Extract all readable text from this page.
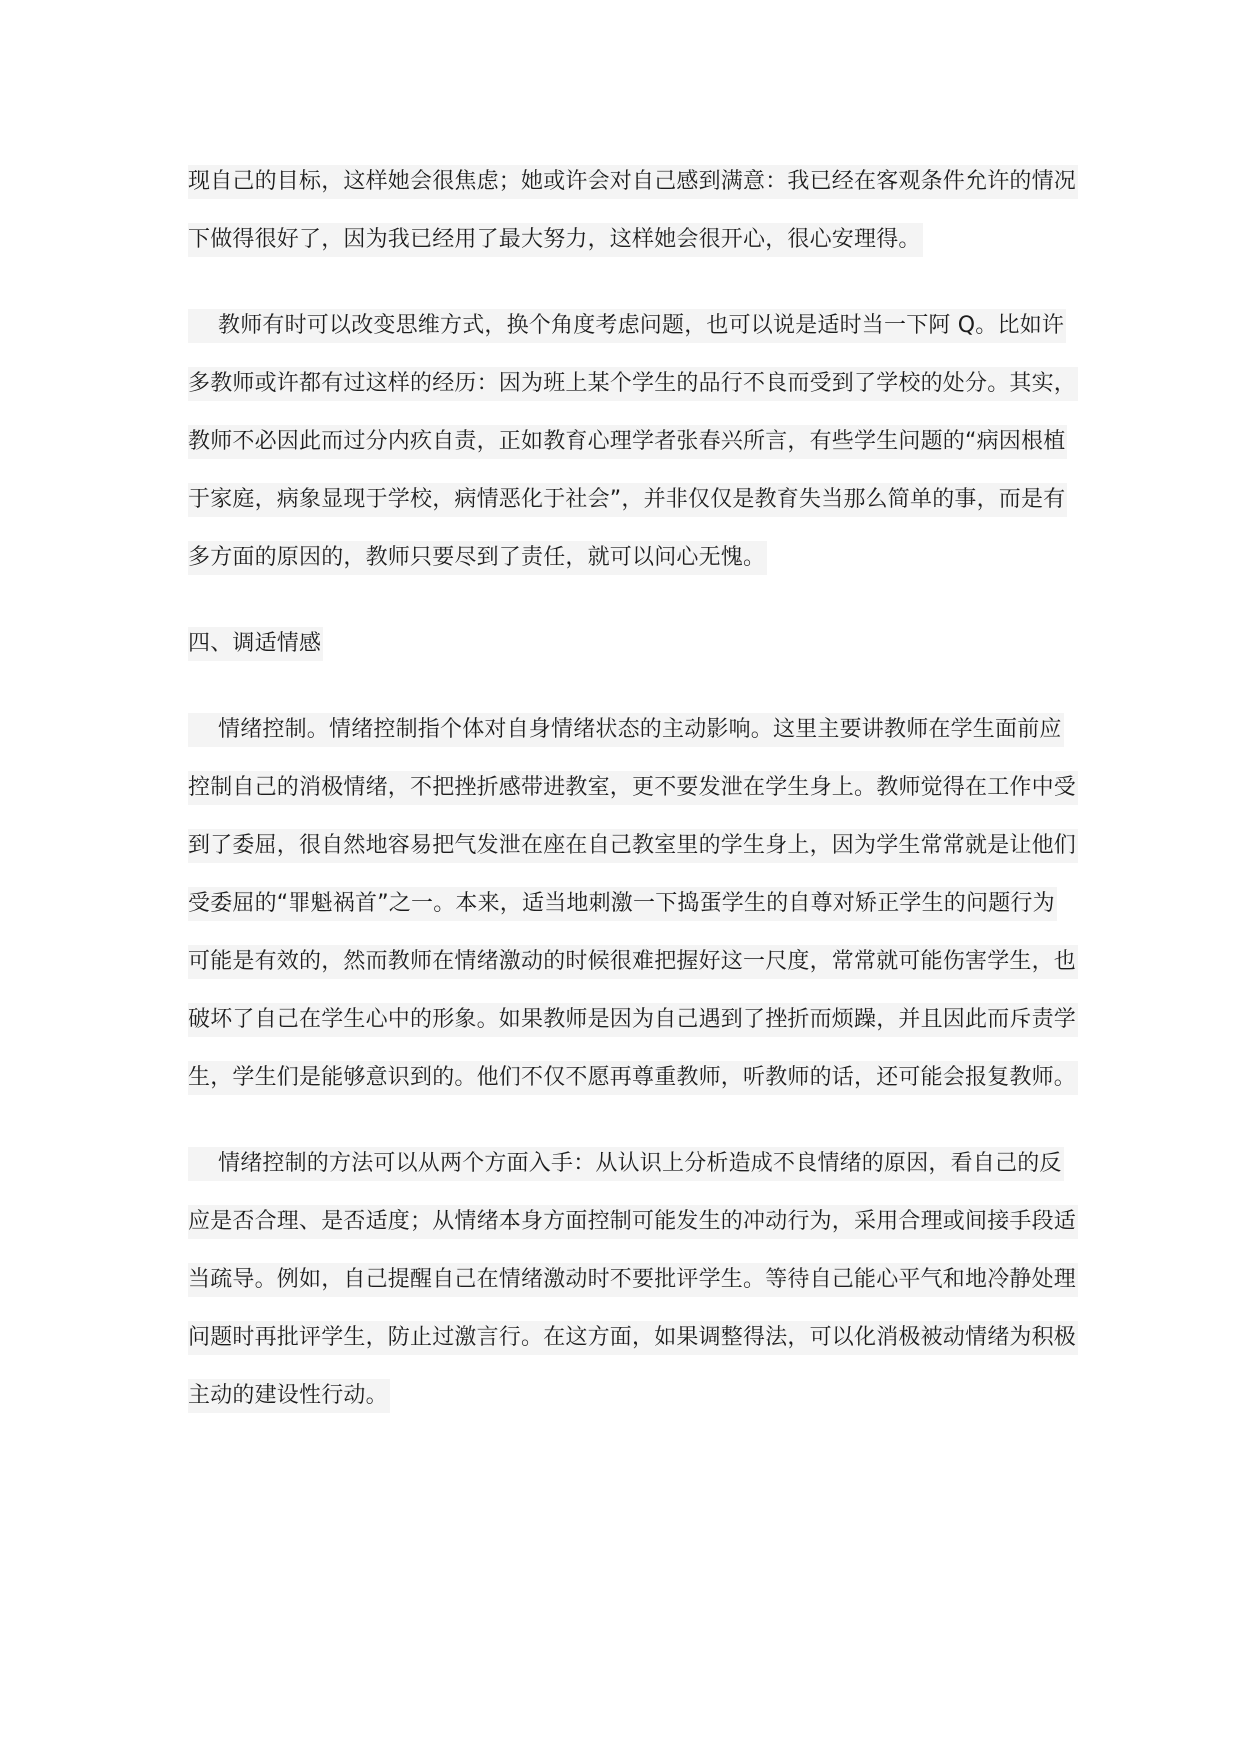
现自己的目标，这样她会很焦虑；她或许会对自己感到满意：我已经在客观条件允许的情况
下做得很好了，因为我已经用了最大努力，这样她会很开心，很心安理得。
教师有时可以改变思维方式，换个角度考虑问题，也可以说是适时当一下阿 Q。比如许
多教师或许都有过这样的经历：因为班上某个学生的品行不良而受到了学校的处分。其实，
教师不必因此而过分内疚自责，正如教育心理学者张春兴所言，有些学生问题的“病因根植
于家庭，病象显现于学校，病情恶化于社会”，并非仅仅是教育失当那么简单的事，而是有
多方面的原因的，教师只要尽到了责任，就可以问心无愧。
四、调适情感
情绪控制。情绪控制指个体对自身情绪状态的主动影响。这里主要讲教师在学生面前应
控制自己的消极情绪，不把挫折感带进教室，更不要发泄在学生身上。教师觉得在工作中受
到了委屈，很自然地容易把气发泄在座在自己教室里的学生身上，因为学生常常就是让他们
受委屈的“罪魁祸首”之一。本来，适当地刺激一下捣蛋学生的自尊对矫正学生的问题行为
可能是有效的，然而教师在情绪激动的时候很难把握好这一尺度，常常就可能伤害学生，也
破坏了自己在学生心中的形象。如果教师是因为自己遇到了挫折而烦躁，并且因此而斥责学
生，学生们是能够意识到的。他们不仅不愿再尊重教师，听教师的话，还可能会报复教师。
情绪控制的方法可以从两个方面入手：从认识上分析造成不良情绪的原因，看自己的反
应是否合理、是否适度；从情绪本身方面控制可能发生的冲动行为，采用合理或间接手段适
当疏导。例如，自己提醒自己在情绪激动时不要批评学生。等待自己能心平气和地冷静处理
问题时再批评学生，防止过激言行。在这方面，如果调整得法，可以化消极被动情绪为积极
主动的建设性行动。
